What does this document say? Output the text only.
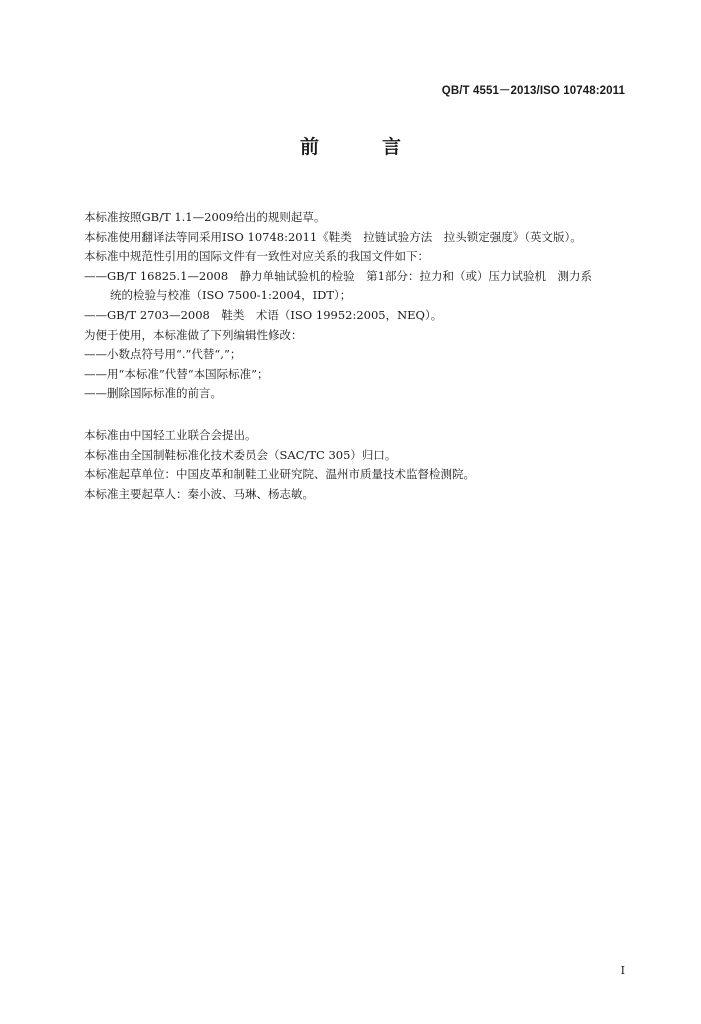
QB/T 4551－2013/ISO 10748:2011
前　言
本标准按照GB/T 1.1—2009给出的规则起草。
本标准使用翻译法等同采用ISO 10748:2011《鞋类　拉链试验方法　拉头锁定强度》（英文版）。
本标准中规范性引用的国际文件有一致性对应关系的我国文件如下：
——GB/T 16825.1—2008　静力单轴试验机的检验　第1部分：拉力和（或）压力试验机　测力系
统的检验与校准（ISO 7500-1:2004，IDT）；
——GB/T 2703—2008　鞋类　术语（ISO 19952:2005，NEQ）。
为便于使用，本标准做了下列编辑性修改：
——小数点符号用“.”代替“,”；
——用“本标准”代替“本国际标准”；
——删除国际标准的前言。
本标准由中国轻工业联合会提出。
本标准由全国制鞋标准化技术委员会（SAC/TC 305）归口。
本标准起草单位：中国皮革和制鞋工业研究院、温州市质量技术监督检测院。
本标准主要起草人：秦小波、马琳、杨志敏。
I
